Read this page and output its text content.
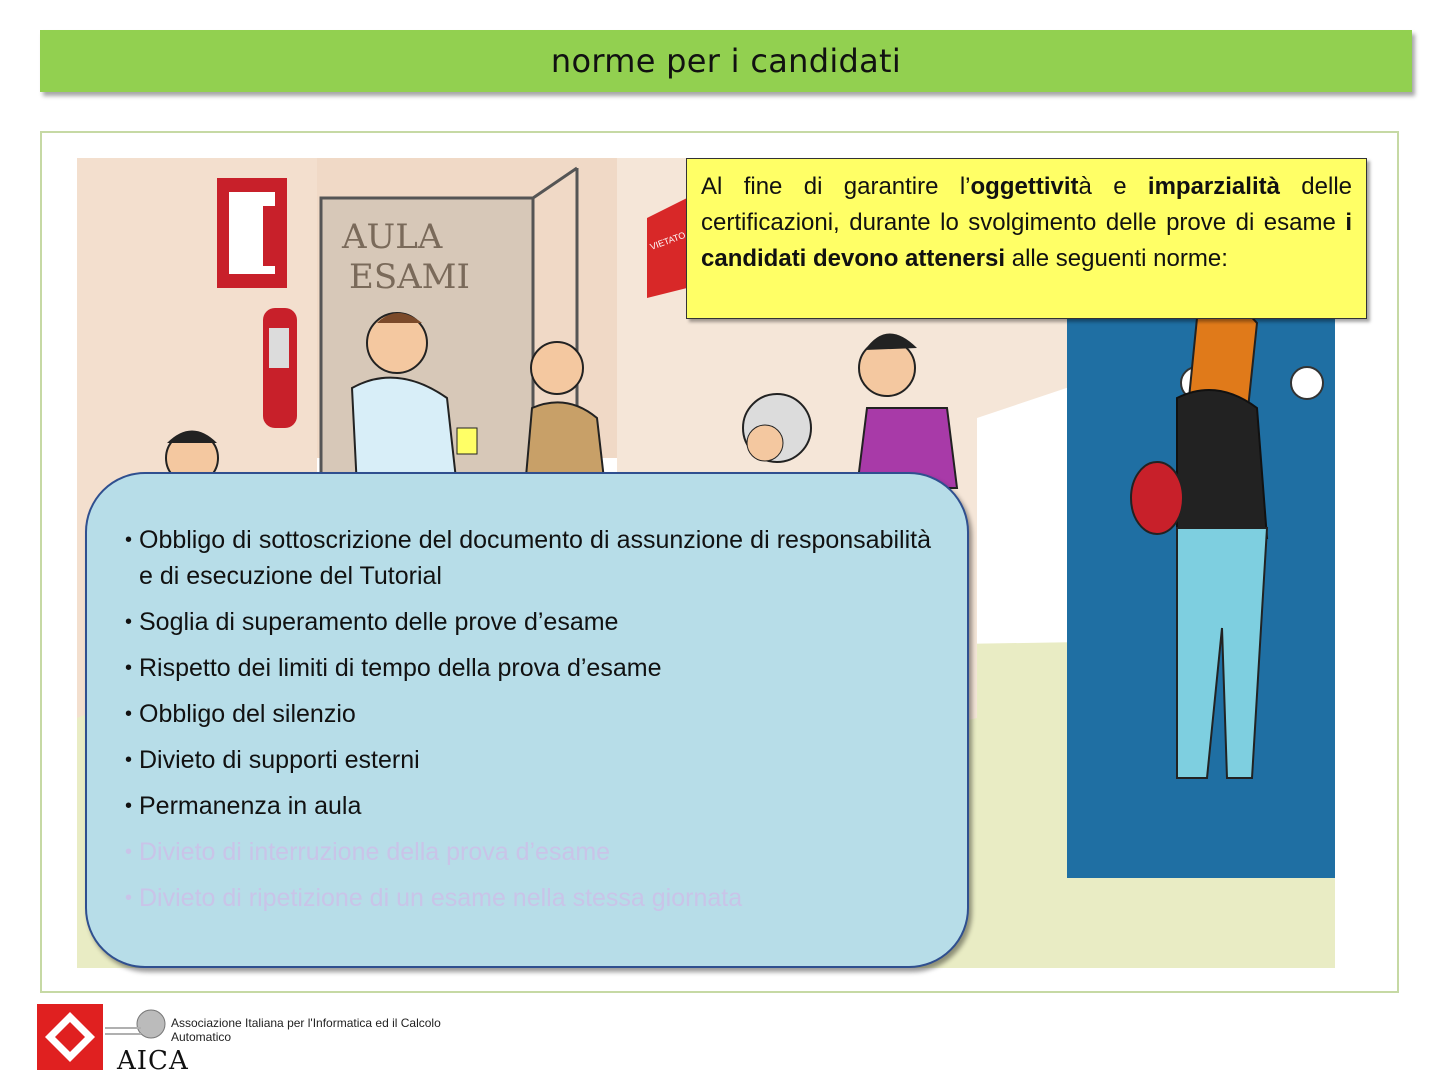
norme per i candidati
AULA
ESAMI
VIETATO
Al fine di garantire l’oggettività e imparzialità delle certificazioni, durante lo svolgimento delle prove di esame i candidati devono attenersi alle seguenti norme:
• Obbligo di sottoscrizione del documento di assunzione di responsabilità e di esecuzione del Tutorial
• Soglia di superamento delle prove d’esame
• Rispetto dei limiti di tempo della prova d’esame
• Obbligo del silenzio
• Divieto di supporti esterni
• Permanenza in aula
• Divieto di interruzione della prova d’esame
• Divieto di ripetizione di un esame nella stessa giornata
Associazione Italiana per l'Informatica ed il Calcolo Automatico
AICA
